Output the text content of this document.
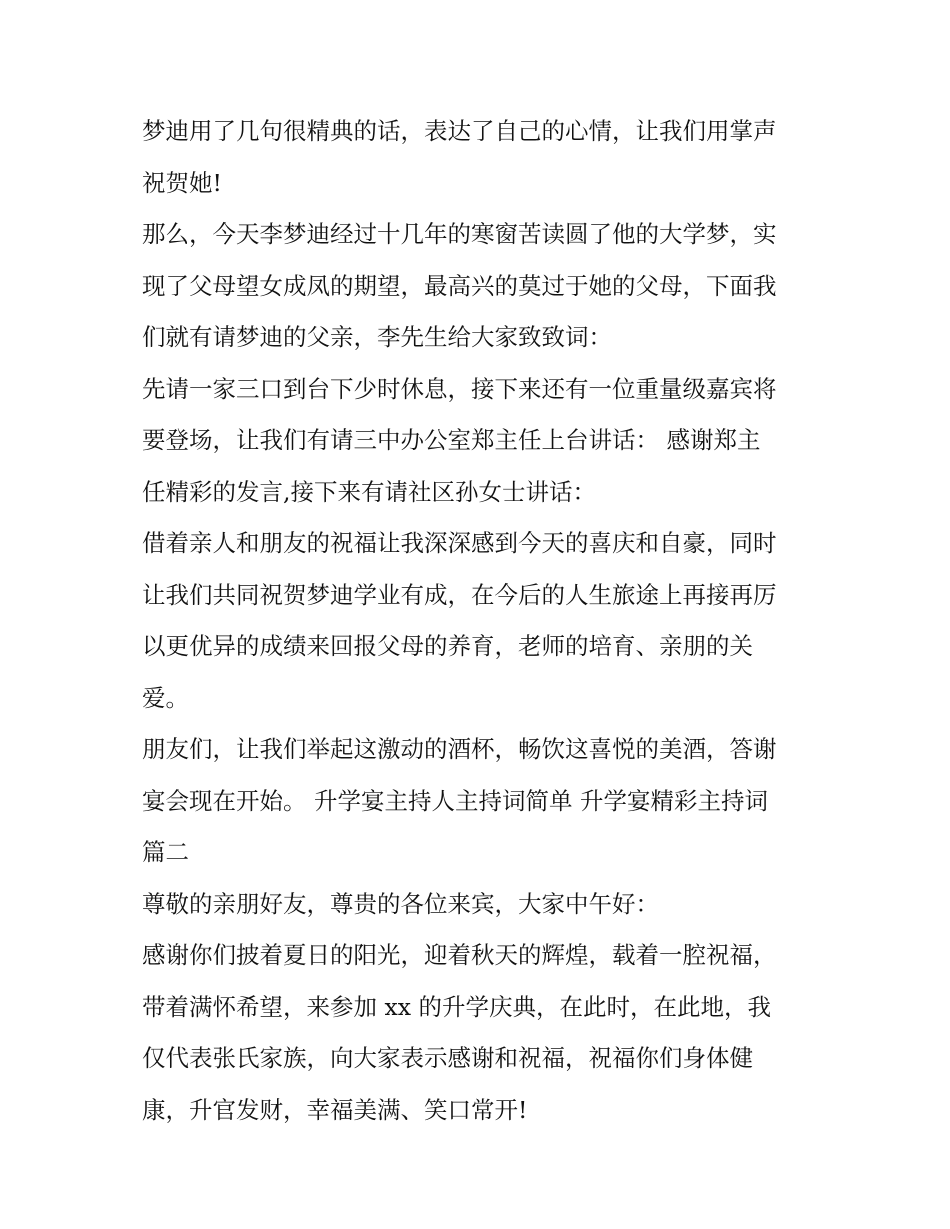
梦迪用了几句很精典的话，表达了自己的心情，让我们用掌声
祝贺她!
那么，今天李梦迪经过十几年的寒窗苦读圆了他的大学梦，实
现了父母望女成凤的期望，最高兴的莫过于她的父母，下面我
们就有请梦迪的父亲，李先生给大家致致词：
先请一家三口到台下少时休息，接下来还有一位重量级嘉宾将
要登场，让我们有请三中办公室郑主任上台讲话： 感谢郑主
任精彩的发言,接下来有请社区孙女士讲话：
借着亲人和朋友的祝福让我深深感到今天的喜庆和自豪，同时
让我们共同祝贺梦迪学业有成，在今后的人生旅途上再接再厉
以更优异的成绩来回报父母的养育，老师的培育、亲朋的关
爱。
朋友们，让我们举起这激动的酒杯，畅饮这喜悦的美酒，答谢
宴会现在开始。 升学宴主持人主持词简单 升学宴精彩主持词
篇二
尊敬的亲朋好友，尊贵的各位来宾，大家中午好：
感谢你们披着夏日的阳光，迎着秋天的辉煌，载着一腔祝福，
带着满怀希望，来参加 xx 的升学庆典，在此时，在此地，我
仅代表张氏家族，向大家表示感谢和祝福，祝福你们身体健
康，升官发财，幸福美满、笑口常开!
